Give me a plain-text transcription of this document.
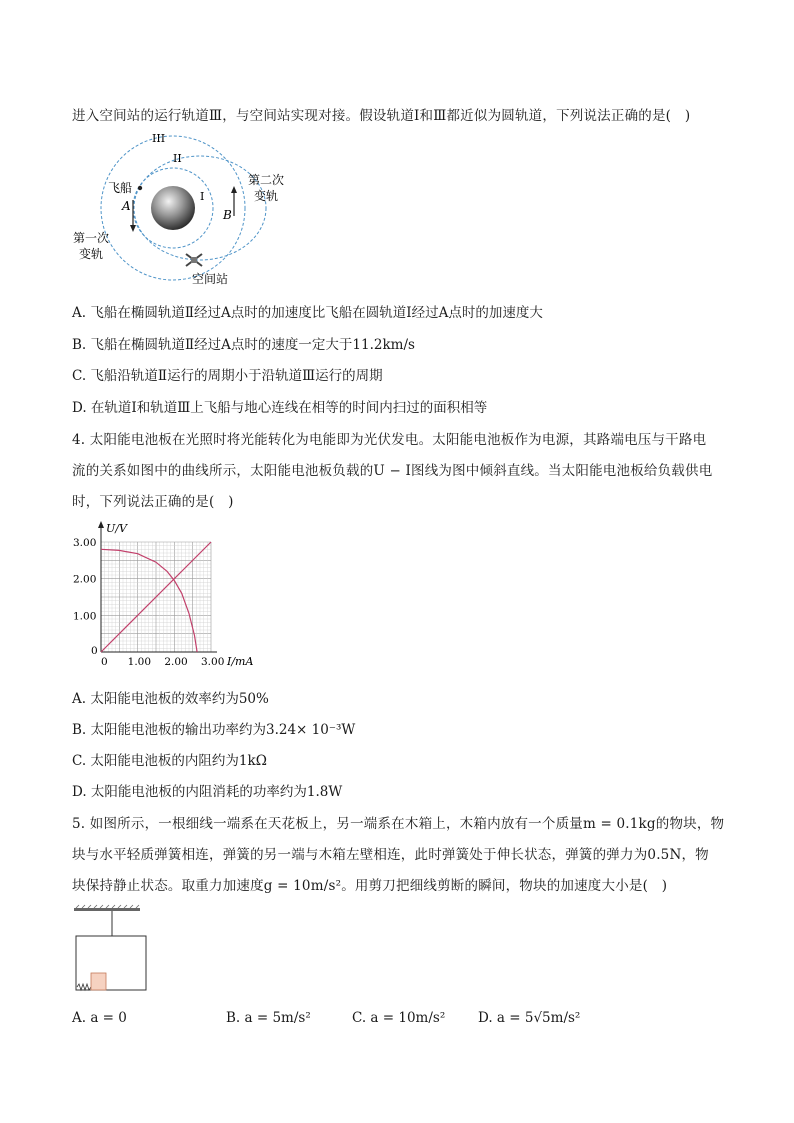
进入空间站的运行轨道Ⅲ，与空间站实现对接。假设轨道Ⅰ和Ⅲ都近似为圆轨道，下列说法正确的是(　)
III
II
I
飞船
A
B
第二次
变轨
第一次
变轨
空间站
A. 飞船在椭圆轨道Ⅱ经过A点时的加速度比飞船在圆轨道I经过A点时的加速度大
B. 飞船在椭圆轨道Ⅱ经过A点时的速度一定大于11.2km/s
C. 飞船沿轨道Ⅱ运行的周期小于沿轨道Ⅲ运行的周期
D. 在轨道Ⅰ和轨道Ⅲ上飞船与地心连线在相等的时间内扫过的面积相等
4. 太阳能电池板在光照时将光能转化为电能即为光伏发电。太阳能电池板作为电源，其路端电压与干路电
流的关系如图中的曲线所示，太阳能电池板负载的U − I图线为图中倾斜直线。当太阳能电池板给负载供电
时，下列说法正确的是(　)
0 1.00 2.00 3.00
1.00
2.00
3.00
0
I/mA
U/V
A. 太阳能电池板的效率约为50%
B. 太阳能电池板的输出功率约为3.24× 10⁻³W
C. 太阳能电池板的内阻约为1kΩ
D. 太阳能电池板的内阻消耗的功率约为1.8W
5. 如图所示，一根细线一端系在天花板上，另一端系在木箱上，木箱内放有一个质量m = 0.1kg的物块，物
块与水平轻质弹簧相连，弹簧的另一端与木箱左壁相连，此时弹簧处于伸长状态，弹簧的弹力为0.5N，物
块保持静止状态。取重力加速度g = 10m/s²。用剪刀把细线剪断的瞬间，物块的加速度大小是(　)
A. a = 0	B. a = 5m/s²	C. a = 10m/s² D. a = 5√5m/s²
